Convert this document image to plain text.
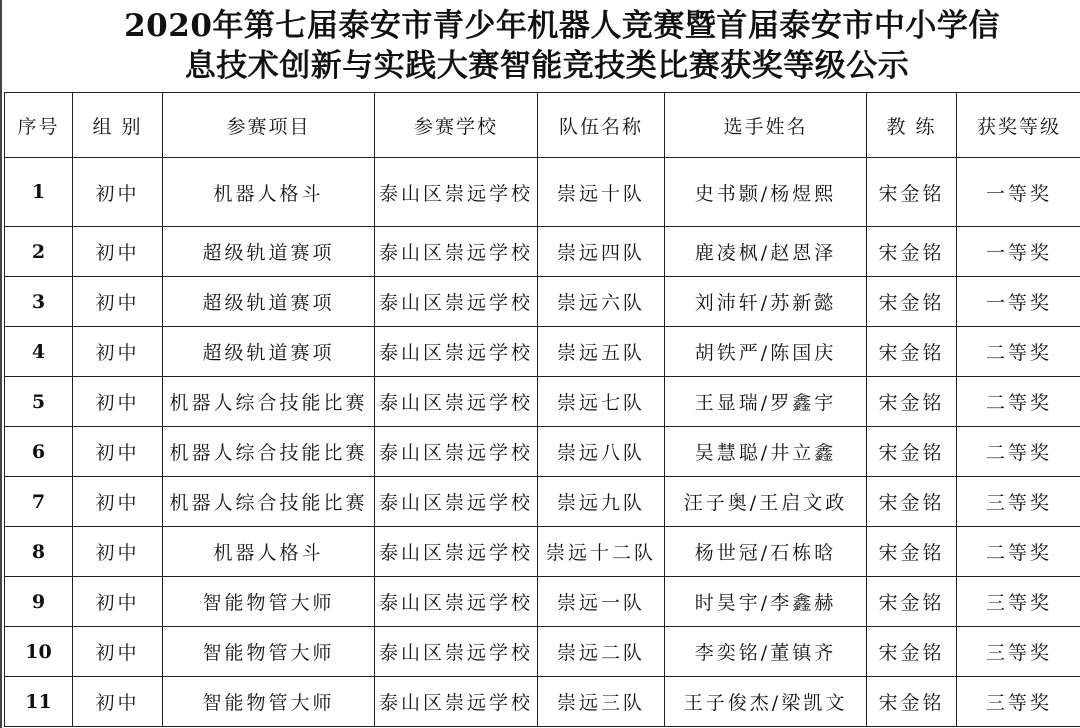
2020年第七届泰安市青少年机器人竞赛暨首届泰安市中小学信
息技术创新与实践大赛智能竞技类比赛获奖等级公示
序号	组 别	参赛项目	参赛学校	队伍名称	选手姓名	教 练	获奖等级
1	初中	机器人格斗	泰山区崇远学校	崇远十队	史书颢/杨煜熙	宋金铭	一等奖
2	初中	超级轨道赛项	泰山区崇远学校	崇远四队	鹿凌枫/赵恩泽	宋金铭	一等奖
3	初中	超级轨道赛项	泰山区崇远学校	崇远六队	刘沛轩/苏新懿	宋金铭	一等奖
4	初中	超级轨道赛项	泰山区崇远学校	崇远五队	胡铁严/陈国庆	宋金铭	二等奖
5	初中	机器人综合技能比赛	泰山区崇远学校	崇远七队	王显瑞/罗鑫宇	宋金铭	二等奖
6	初中	机器人综合技能比赛	泰山区崇远学校	崇远八队	吴慧聪/井立鑫	宋金铭	二等奖
7	初中	机器人综合技能比赛	泰山区崇远学校	崇远九队	汪子奥/王启文政	宋金铭	三等奖
8	初中	机器人格斗	泰山区崇远学校	崇远十二队	杨世冠/石栋晗	宋金铭	二等奖
9	初中	智能物管大师	泰山区崇远学校	崇远一队	时昊宇/李鑫赫	宋金铭	三等奖
10	初中	智能物管大师	泰山区崇远学校	崇远二队	李奕铭/董镇齐	宋金铭	三等奖
11	初中	智能物管大师	泰山区崇远学校	崇远三队	王子俊杰/梁凯文	宋金铭	三等奖
